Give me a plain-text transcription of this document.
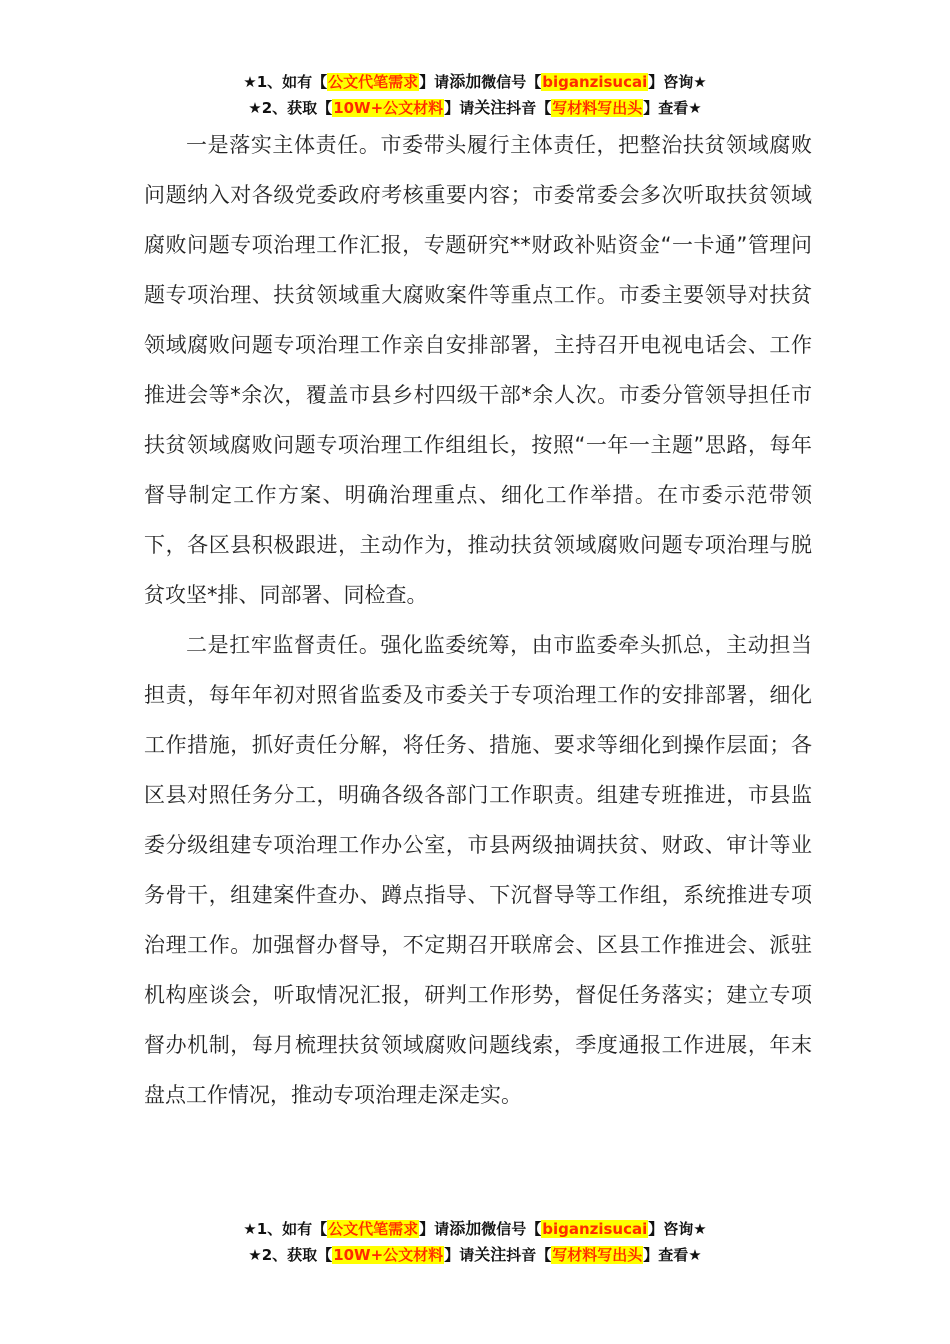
★1、如有【公文代笔需求】请添加微信号【biganzisucai】咨询★
★2、获取【10W+公文材料】请关注抖音【写材料写出头】查看★

一是落实主体责任。市委带头履行主体责任，把整治扶贫领域腐败问题纳入对各级党委政府考核重要内容；市委常委会多次听取扶贫领域腐败问题专项治理工作汇报，专题研究**财政补贴资金“一卡通”管理问题专项治理、扶贫领域重大腐败案件等重点工作。市委主要领导对扶贫领域腐败问题专项治理工作亲自安排部署，主持召开电视电话会、工作推进会等*余次，覆盖市县乡村四级干部*余人次。市委分管领导担任市扶贫领域腐败问题专项治理工作组组长，按照“一年一主题”思路，每年督导制定工作方案、明确治理重点、细化工作举措。在市委示范带领下，各区县积极跟进，主动作为，推动扶贫领域腐败问题专项治理与脱贫攻坚*排、同部署、同检查。

二是扛牢监督责任。强化监委统筹，由市监委牵头抓总，主动担当担责，每年年初对照省监委及市委关于专项治理工作的安排部署，细化工作措施，抓好责任分解，将任务、措施、要求等细化到操作层面；各区县对照任务分工，明确各级各部门工作职责。组建专班推进，市县监委分级组建专项治理工作办公室，市县两级抽调扶贫、财政、审计等业务骨干，组建案件查办、蹲点指导、下沉督导等工作组，系统推进专项治理工作。加强督办督导，不定期召开联席会、区县工作推进会、派驻机构座谈会，听取情况汇报，研判工作形势，督促任务落实；建立专项督办机制，每月梳理扶贫领域腐败问题线索，季度通报工作进展，年末盘点工作情况，推动专项治理走深走实。

★1、如有【公文代笔需求】请添加微信号【biganzisucai】咨询★
★2、获取【10W+公文材料】请关注抖音【写材料写出头】查看★
